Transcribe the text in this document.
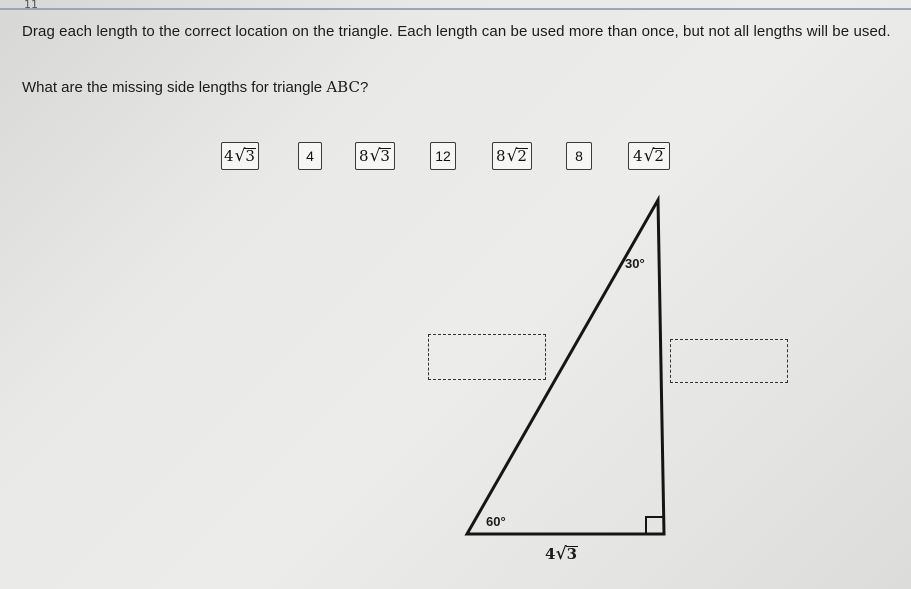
11
Drag each length to the correct location on the triangle. Each length can be used more than once, but not all lengths will be used.
What are the missing side lengths for triangle ABC?
4 √ 3	4	8 √ 3	12	8 √ 2	8	4 √ 2
30°
60°
4 √ 3
